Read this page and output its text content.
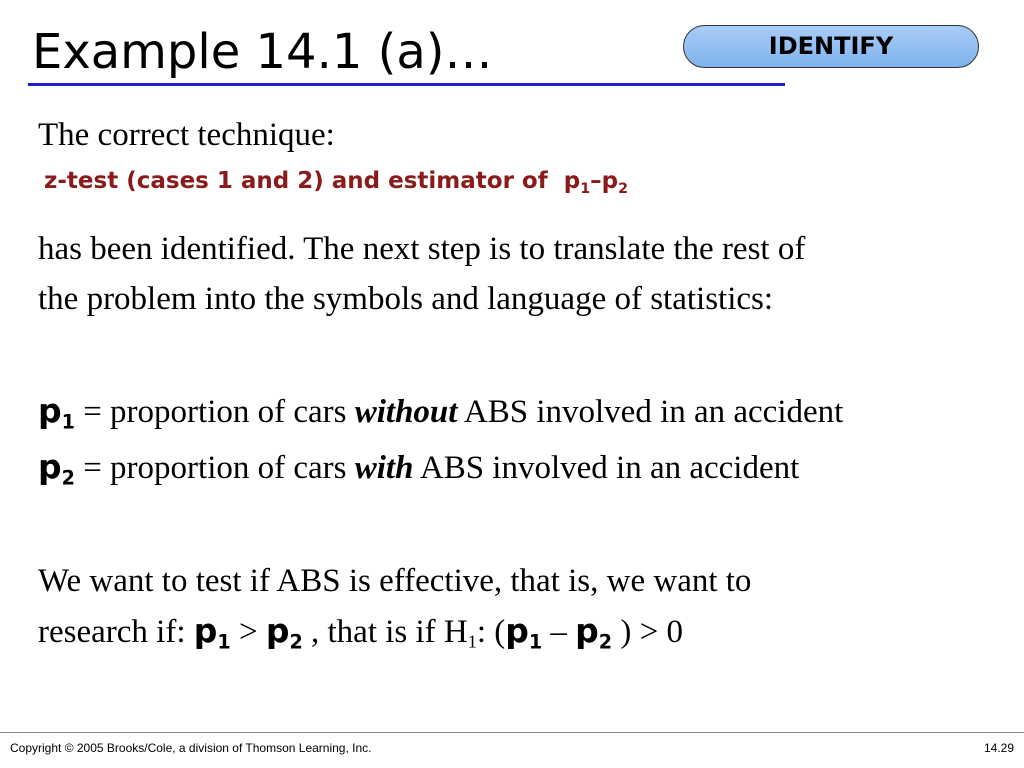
Example 14.1 (a)…	IDENTIFY
The correct technique:
z-test (cases 1 and 2) and estimator of $p_1-p_2$
has been identified. The next step is to translate the rest of
the problem into the symbols and language of statistics:
$p_1$ = proportion of cars without ABS involved in an accident
$p_2$ = proportion of cars with ABS involved in an accident
We want to test if ABS is effective, that is, we want to
research if: $p_1 > p_2$ , that is if H1: ($p_1 - p_2$ ) > 0
Copyright © 2005 Brooks/Cole, a division of Thomson Learning, Inc.	14.29
